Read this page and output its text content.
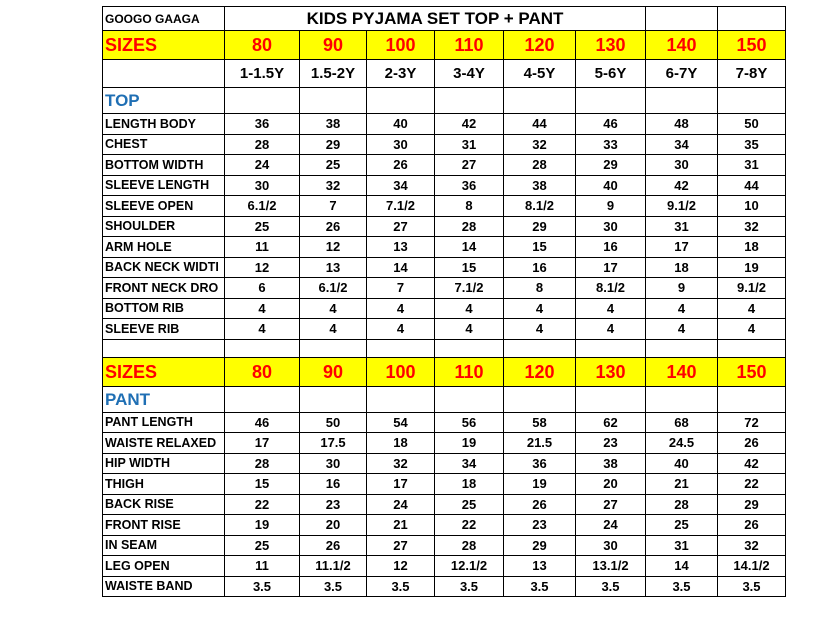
GOOGO GAAGA	KIDS PYJAMA SET TOP + PANT							
SIZES	80	90	100	110	120	130	140	150
	1-1.5Y	1.5-2Y	2-3Y	3-4Y	4-5Y	5-6Y	6-7Y	7-8Y
TOP								
LENGTH BODY	36	38	40	42	44	46	48	50
CHEST	28	29	30	31	32	33	34	35
BOTTOM WIDTH	24	25	26	27	28	29	30	31
SLEEVE LENGTH	30	32	34	36	38	40	42	44
SLEEVE OPEN	6.1/2	7	7.1/2	8	8.1/2	9	9.1/2	10
SHOULDER	25	26	27	28	29	30	31	32
ARM HOLE	11	12	13	14	15	16	17	18
BACK NECK WIDTI	12	13	14	15	16	17	18	19
FRONT NECK DRO	6	6.1/2	7	7.1/2	8	8.1/2	9	9.1/2
BOTTOM RIB	4	4	4	4	4	4	4	4
SLEEVE RIB	4	4	4	4	4	4	4	4

SIZES	80	90	100	110	120	130	140	150
PANT								
PANT LENGTH	46	50	54	56	58	62	68	72
WAISTE RELAXED	17	17.5	18	19	21.5	23	24.5	26
HIP WIDTH	28	30	32	34	36	38	40	42
THIGH	15	16	17	18	19	20	21	22
BACK RISE	22	23	24	25	26	27	28	29
FRONT RISE	19	20	21	22	23	24	25	26
IN SEAM	25	26	27	28	29	30	31	32
LEG OPEN	11	11.1/2	12	12.1/2	13	13.1/2	14	14.1/2
WAISTE BAND	3.5	3.5	3.5	3.5	3.5	3.5	3.5	3.5
